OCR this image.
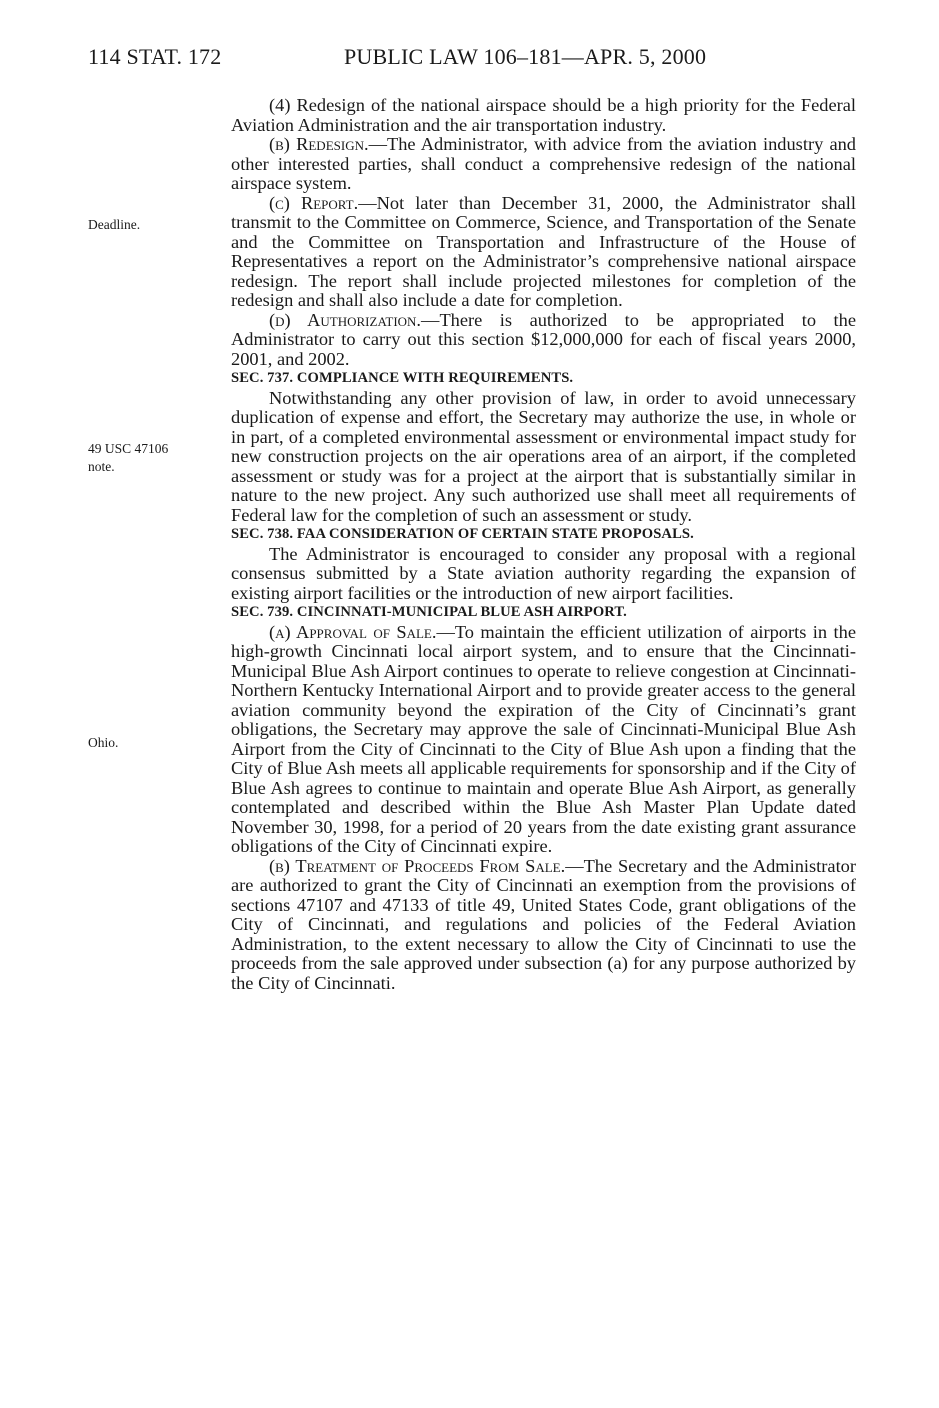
114 STAT. 172	PUBLIC LAW 106–181—APR. 5, 2000
Deadline.
49 USC 47106
note.
Ohio.

(4) Redesign of the national airspace should be a high priority for the Federal Aviation Administration and the air transportation industry.

(b) Redesign.—The Administrator, with advice from the aviation industry and other interested parties, shall conduct a comprehensive redesign of the national airspace system.

(c) Report.—Not later than December 31, 2000, the Administrator shall transmit to the Committee on Commerce, Science, and Transportation of the Senate and the Committee on Transportation and Infrastructure of the House of Representatives a report on the Administrator’s comprehensive national airspace redesign. The report shall include projected milestones for completion of the redesign and shall also include a date for completion.

(d) Authorization.—There is authorized to be appropriated to the Administrator to carry out this section $12,000,000 for each of fiscal years 2000, 2001, and 2002.

SEC. 737. COMPLIANCE WITH REQUIREMENTS.

Notwithstanding any other provision of law, in order to avoid unnecessary duplication of expense and effort, the Secretary may authorize the use, in whole or in part, of a completed environmental assessment or environmental impact study for new construction projects on the air operations area of an airport, if the completed assessment or study was for a project at the airport that is substantially similar in nature to the new project. Any such authorized use shall meet all requirements of Federal law for the completion of such an assessment or study.

SEC. 738. FAA CONSIDERATION OF CERTAIN STATE PROPOSALS.

The Administrator is encouraged to consider any proposal with a regional consensus submitted by a State aviation authority regarding the expansion of existing airport facilities or the introduction of new airport facilities.

SEC. 739. CINCINNATI-MUNICIPAL BLUE ASH AIRPORT.

(a) Approval of Sale.—To maintain the efficient utilization of airports in the high-growth Cincinnati local airport system, and to ensure that the Cincinnati-Municipal Blue Ash Airport continues to operate to relieve congestion at Cincinnati-Northern Kentucky International Airport and to provide greater access to the general aviation community beyond the expiration of the City of Cincinnati’s grant obligations, the Secretary may approve the sale of Cincinnati-Municipal Blue Ash Airport from the City of Cincinnati to the City of Blue Ash upon a finding that the City of Blue Ash meets all applicable requirements for sponsorship and if the City of Blue Ash agrees to continue to maintain and operate Blue Ash Airport, as generally contemplated and described within the Blue Ash Master Plan Update dated November 30, 1998, for a period of 20 years from the date existing grant assurance obligations of the City of Cincinnati expire.

(b) Treatment of Proceeds From Sale.—The Secretary and the Administrator are authorized to grant the City of Cincinnati an exemption from the provisions of sections 47107 and 47133 of title 49, United States Code, grant obligations of the City of Cincinnati, and regulations and policies of the Federal Aviation Administration, to the extent necessary to allow the City of Cincinnati to use the proceeds from the sale approved under subsection (a) for any purpose authorized by the City of Cincinnati.
